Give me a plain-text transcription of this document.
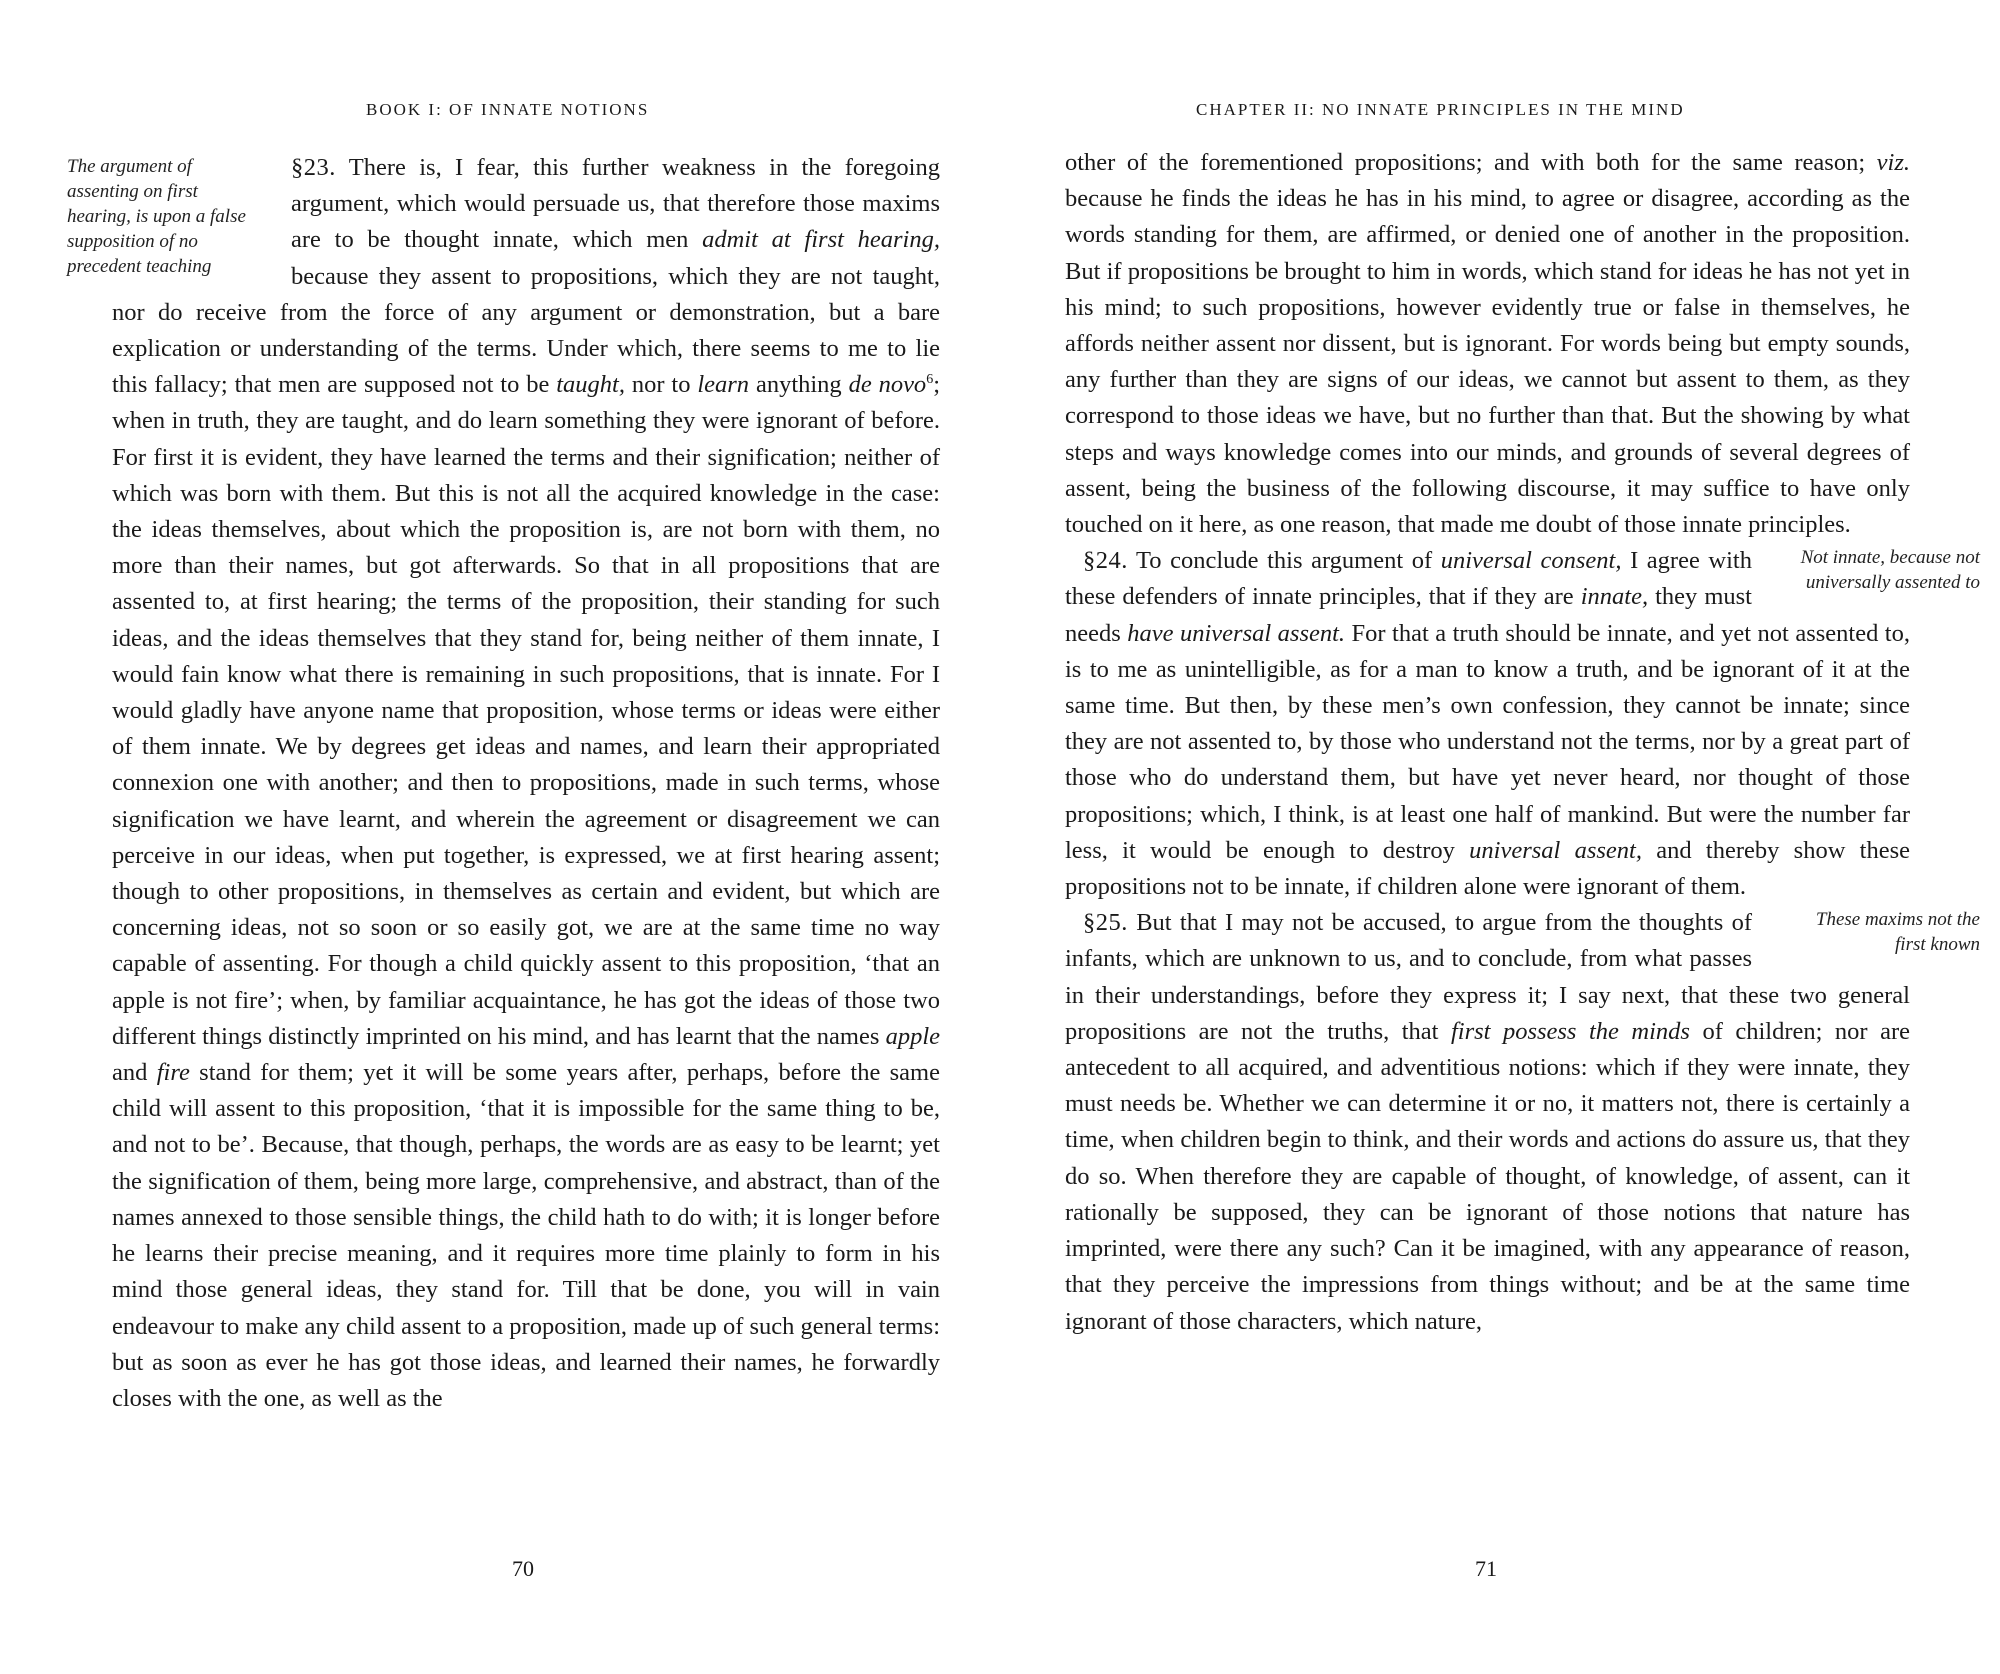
BOOK I: OF INNATE NOTIONS

The argument of assenting on first hearing, is upon a false supposition of no precedent teaching
§23. There is, I fear, this further weakness in the foregoing argument, which would persuade us, that therefore those maxims are to be thought innate, which men admit at first hearing, because they assent to propositions, which they are not taught, nor do receive from the force of any argument or demonstration, but a bare explication or understanding of the terms. Under which, there seems to me to lie this fallacy; that men are supposed not to be taught, nor to learn anything de novo$^6$; when in truth, they are taught, and do learn something they were ignorant of before. For first it is evident, they have learned the terms and their signification; neither of which was born with them. But this is not all the acquired knowledge in the case: the ideas themselves, about which the proposition is, are not born with them, no more than their names, but got afterwards. So that in all propositions that are assented to, at first hearing; the terms of the proposition, their standing for such ideas, and the ideas themselves that they stand for, being neither of them innate, I would fain know what there is remaining in such propositions, that is innate. For I would gladly have anyone name that proposition, whose terms or ideas were either of them innate. We by degrees get ideas and names, and learn their appropriated connexion one with another; and then to propositions, made in such terms, whose signification we have learnt, and wherein the agreement or disagreement we can perceive in our ideas, when put together, is expressed, we at first hearing assent; though to other propositions, in themselves as certain and evident, but which are concerning ideas, not so soon or so easily got, we are at the same time no way capable of assenting. For though a child quickly assent to this proposition, ‘that an apple is not fire’; when, by familiar acquaintance, he has got the ideas of those two different things distinctly imprinted on his mind, and has learnt that the names apple and fire stand for them; yet it will be some years after, perhaps, before the same child will assent to this proposition, ‘that it is impossible for the same thing to be, and not to be’. Because, that though, perhaps, the words are as easy to be learnt; yet the signification of them, being more large, comprehensive, and abstract, than of the names annexed to those sensible things, the child hath to do with; it is longer before he learns their precise meaning, and it requires more time plainly to form in his mind those general ideas, they stand for. Till that be done, you will in vain endeavour to make any child assent to a proposition, made up of such general terms: but as soon as ever he has got those ideas, and learned their names, he forwardly closes with the one, as well as the

70
CHAPTER II: NO INNATE PRINCIPLES IN THE MIND

other of the forementioned propositions; and with both for the same reason; viz. because he finds the ideas he has in his mind, to agree or disagree, according as the words standing for them, are affirmed, or denied one of another in the proposition. But if propositions be brought to him in words, which stand for ideas he has not yet in his mind; to such propositions, however evidently true or false in themselves, he affords neither assent nor dissent, but is ignorant. For words being but empty sounds, any further than they are signs of our ideas, we cannot but assent to them, as they correspond to those ideas we have, but no further than that. But the showing by what steps and ways knowledge comes into our minds, and grounds of several degrees of assent, being the business of the following discourse, it may suffice to have only touched on it here, as one reason, that made me doubt of those innate principles.

Not innate, because not universally assented to
§24. To conclude this argument of universal consent, I agree with these defenders of innate principles, that if they are innate, they must needs have universal assent. For that a truth should be innate, and yet not assented to, is to me as unintelligible, as for a man to know a truth, and be ignorant of it at the same time. But then, by these men’s own confession, they cannot be innate; since they are not assented to, by those who understand not the terms, nor by a great part of those who do understand them, but have yet never heard, nor thought of those propositions; which, I think, is at least one half of mankind. But were the number far less, it would be enough to destroy universal assent, and thereby show these propositions not to be innate, if children alone were ignorant of them.

These maxims not the first known
§25. But that I may not be accused, to argue from the thoughts of infants, which are unknown to us, and to conclude, from what passes in their understandings, before they express it; I say next, that these two general propositions are not the truths, that first possess the minds of children; nor are antecedent to all acquired, and adventitious notions: which if they were innate, they must needs be. Whether we can determine it or no, it matters not, there is certainly a time, when children begin to think, and their words and actions do assure us, that they do so. When therefore they are capable of thought, of knowledge, of assent, can it rationally be supposed, they can be ignorant of those notions that nature has imprinted, were there any such? Can it be imagined, with any appearance of reason, that they perceive the impressions from things without; and be at the same time ignorant of those characters, which nature,

71
